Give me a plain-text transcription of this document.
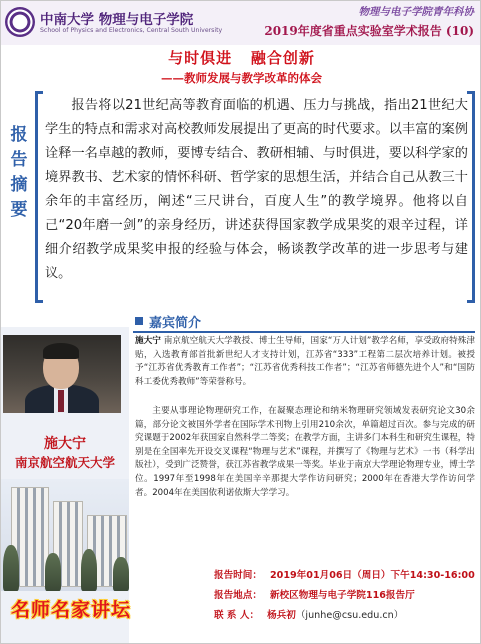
中南大学 物理与电子学院
School of Physics and Electronics, Central South University
物理与电子学院青年科协
2019年度省重点实验室学术报告 (10)
与时俱进   融合创新
——教师发展与教学改革的体会
报
告
摘
要
报告将以21世纪高等教育面临的机遇、压力与挑战，指出21世纪大学生的特点和需求对高校教师发展提出了更高的时代要求。以丰富的案例诠释一名卓越的教师，要博专结合、教研相辅、与时俱进，要以科学家的境界教书、艺术家的情怀科研、哲学家的思想生活，并结合自己从教三十余年的丰富经历，阐述“三尺讲台，百度人生”的教学境界。他将以自己“20年磨一剑”的亲身经历，讲述获得国家教学成果奖的艰辛过程，详细介绍教学成果奖申报的经验与体会，畅谈教学改革的进一步思考与建议。
施大宁
南京航空航天大学
名师名家讲坛
嘉宾简介
施大宁 南京航空航天大学教授、博士生导师，国家“万人计划”教学名师，享受政府特殊津贴，入选教育部首批新世纪人才支持计划，江苏省“333”工程第二层次培养计划。被授予“江苏省优秀教育工作者”；“江苏省优秀科技工作者”；“江苏省师德先进个人”和“国防科工委优秀教师”等荣誉称号。
主要从事理论物理研究工作，在凝聚态理论和纳米物理研究领域发表研究论文30余篇，部分论文被国外学者在国际学术刊物上引用210余次，单篇超过百次。参与完成的研究课题于2002年获国家自然科学二等奖；在教学方面，主讲多门本科生和研究生课程，特别是在全国率先开设交叉课程“物理与艺术”课程，并撰写了《物理与艺术》一书（科学出版社），受到广泛赞誉，获江苏省教学成果一等奖。毕业于南京大学理论物理专业，博士学位。1997年至1998年在美国辛辛那提大学作访问研究；2000年在香港大学作访问学者。2004年在美国依利诺依斯大学学习。
报告时间： 2019年01月06日（周日）下午14:30-16:00
报告地点： 新校区物理与电子学院116报告厅
联 系 人： 杨兵初（junhe@csu.edu.cn）
